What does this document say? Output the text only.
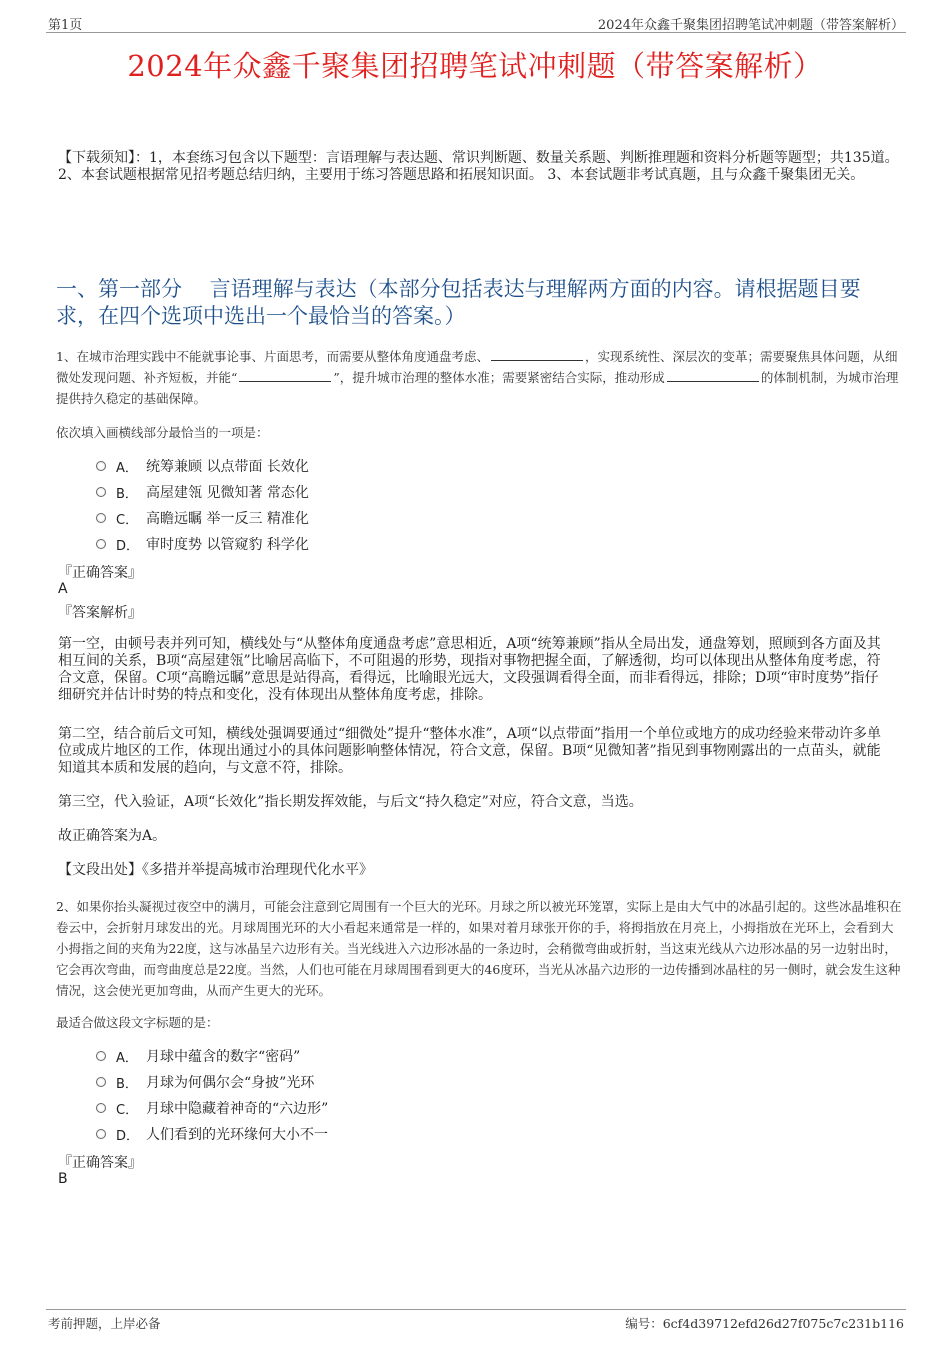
第1页	2024年众鑫千聚集团招聘笔试冲刺题（带答案解析）
2024年众鑫千聚集团招聘笔试冲刺题（带答案解析）
【下载须知】：1，本套练习包含以下题型：言语理解与表达题、常识判断题、数量关系题、判断推理题和资料分析题等题型；共135道。 2、本套试题根据常见招考题总结归纳，主要用于练习答题思路和拓展知识面。 3、本套试题非考试真题，且与众鑫千聚集团无关。
一、第一部分　 言语理解与表达（本部分包括表达与理解两方面的内容。请根据题目要求，在四个选项中选出一个最恰当的答案。）
1、在城市治理实践中不能就事论事、片面思考，而需要从整体角度通盘考虑、	，实现系统性、深层次的变革；需要聚焦具体问题，从细微处发现问题、补齐短板，并能“	”，提升城市治理的整体水准；需要紧密结合实际，推动形成	的体制机制，为城市治理提供持久稳定的基础保障。
依次填入画横线部分最恰当的一项是：
A． 统筹兼顾 以点带面 长效化
B． 高屋建瓴 见微知著 常态化
C． 高瞻远瞩 举一反三 精准化
D． 审时度势 以管窥豹 科学化
『正确答案』
A
『答案解析』
第一空，由顿号表并列可知，横线处与“从整体角度通盘考虑”意思相近，A项“统筹兼顾”指从全局出发，通盘筹划，照顾到各方面及其相互间的关系，B项“高屋建瓴”比喻居高临下，不可阻遏的形势，现指对事物把握全面，了解透彻，均可以体现出从整体角度考虑，符合文意，保留。C项“高瞻远瞩”意思是站得高，看得远，比喻眼光远大，文段强调看得全面，而非看得远，排除；D项“审时度势”指仔细研究并估计时势的特点和变化，没有体现出从整体角度考虑，排除。
第二空，结合前后文可知，横线处强调要通过“细微处”提升“整体水准”，A项“以点带面”指用一个单位或地方的成功经验来带动许多单位或成片地区的工作，体现出通过小的具体问题影响整体情况，符合文意，保留。B项“见微知著”指见到事物刚露出的一点苗头，就能知道其本质和发展的趋向，与文意不符，排除。
第三空，代入验证，A项“长效化”指长期发挥效能，与后文“持久稳定”对应，符合文意，当选。
故正确答案为A。
【文段出处】《多措并举提高城市治理现代化水平》
2、如果你抬头凝视过夜空中的满月，可能会注意到它周围有一个巨大的光环。月球之所以被光环笼罩，实际上是由大气中的冰晶引起的。这些冰晶堆积在卷云中，会折射月球发出的光。月球周围光环的大小看起来通常是一样的，如果对着月球张开你的手，将拇指放在月亮上，小拇指放在光环上，会看到大小拇指之间的夹角为22度，这与冰晶呈六边形有关。当光线进入六边形冰晶的一条边时，会稍微弯曲或折射，当这束光线从六边形冰晶的另一边射出时，它会再次弯曲，而弯曲度总是22度。当然，人们也可能在月球周围看到更大的46度环，当光从冰晶六边形的一边传播到冰晶柱的另一侧时，就会发生这种情况，这会使光更加弯曲，从而产生更大的光环。
最适合做这段文字标题的是：
A． 月球中蕴含的数字“密码”
B． 月球为何偶尔会“身披”光环
C． 月球中隐藏着神奇的“六边形”
D． 人们看到的光环缘何大小不一
『正确答案』
B
考前押题，上岸必备	编号：6cf4d39712efd26d27f075c7c231b116
